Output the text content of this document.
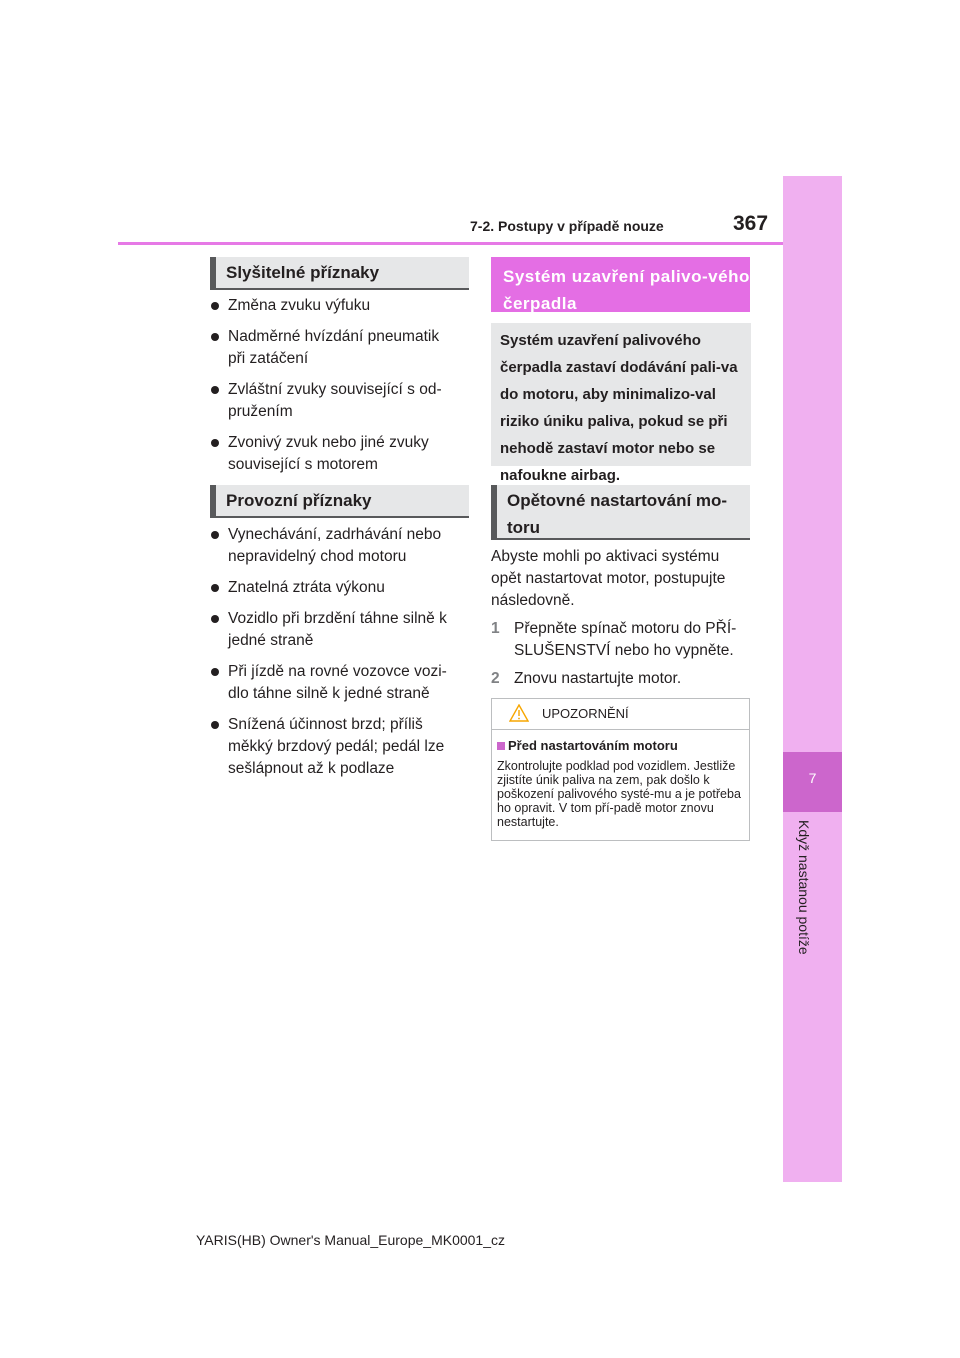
7-2. Postupy v případě nouze	367
7
Když nastanou potíže
Slyšitelné příznaky
Změna zvuku výfuku
Nadměrné hvízdání pneumatik při zatáčení
Zvláštní zvuky související s od-pružením
Zvonivý zvuk nebo jiné zvuky související s motorem
Provozní příznaky
Vynechávání, zadrhávání nebo nepravidelný chod motoru
Znatelná ztráta výkonu
Vozidlo při brzdění táhne silně k jedné straně
Při jízdě na rovné vozovce vozi-dlo táhne silně k jedné straně
Snížená účinnost brzd; příliš měkký brzdový pedál; pedál lze sešlápnout až k podlaze
Systém uzavření palivo-vého čerpadla
Systém uzavření palivového čerpadla zastaví dodávání pali-va do motoru, aby minimalizo-val riziko úniku paliva, pokud se při nehodě zastaví motor nebo se nafoukne airbag.
Opětovné nastartování mo-toru
Abyste mohli po aktivaci systému opět nastartovat motor, postupujte následovně.
1 Přepněte spínač motoru do PŘÍ-SLUŠENSTVÍ nebo ho vypněte.
2 Znovu nastartujte motor.
UPOZORNĚNÍ
Před nastartováním motoru
Zkontrolujte podklad pod vozidlem. Jestliže zjistíte únik paliva na zem, pak došlo k poškození palivového systé-mu a je potřeba ho opravit. V tom pří-padě motor znovu nestartujte.
YARIS(HB) Owner's Manual_Europe_MK0001_cz
